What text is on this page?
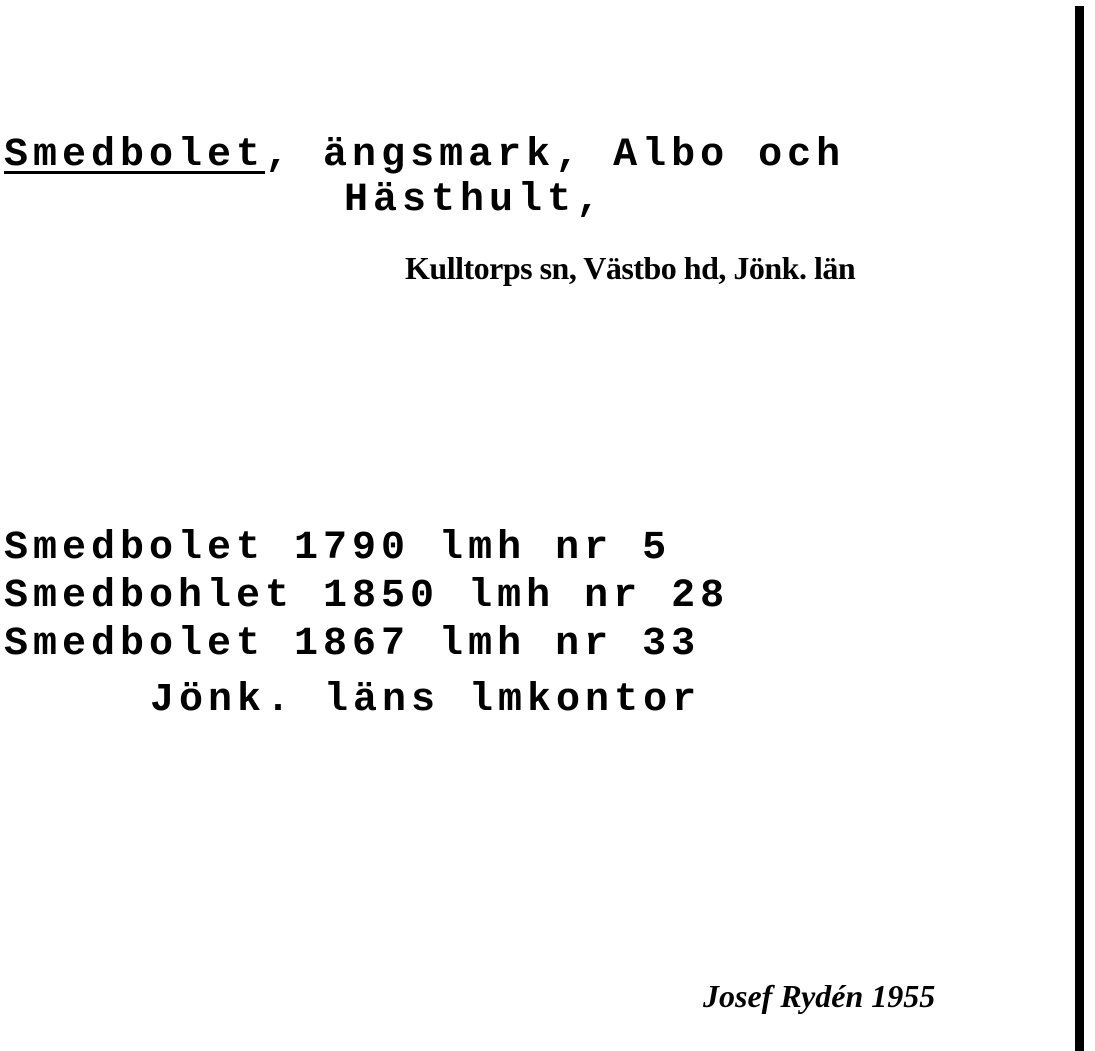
Smedbolet, ängsmark, Albo och
Hästhult,
Kulltorps sn, Västbo hd, Jönk. län
Smedbolet 1790 lmh nr 5
Smedbohlet 1850 lmh nr 28
Smedbolet 1867 lmh nr 33
Jönk. läns lmkontor
Josef Rydén 1955
